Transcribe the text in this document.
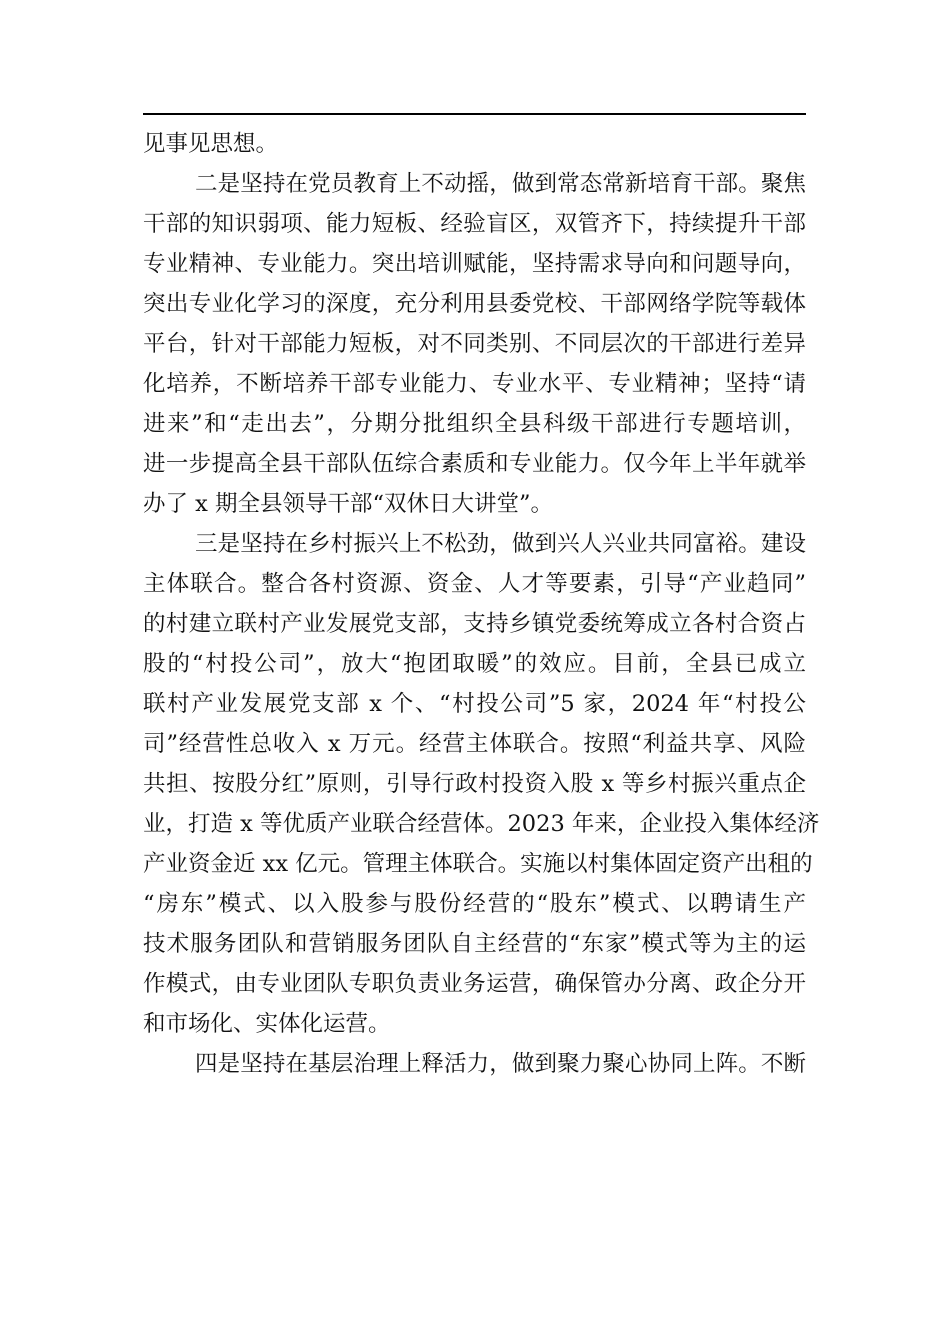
见事见思想。
二是坚持在党员教育上不动摇，做到常态常新培育干部。聚焦
干部的知识弱项、能力短板、经验盲区，双管齐下，持续提升干部
专业精神、专业能力。突出培训赋能，坚持需求导向和问题导向，
突出专业化学习的深度，充分利用县委党校、干部网络学院等载体
平台，针对干部能力短板，对不同类别、不同层次的干部进行差异
化培养，不断培养干部专业能力、专业水平、专业精神；坚持“请
进来”和“走出去”，分期分批组织全县科级干部进行专题培训，
进一步提高全县干部队伍综合素质和专业能力。仅今年上半年就举
办了 x 期全县领导干部“双休日大讲堂”。
三是坚持在乡村振兴上不松劲，做到兴人兴业共同富裕。建设
主体联合。整合各村资源、资金、人才等要素，引导“产业趋同”
的村建立联村产业发展党支部，支持乡镇党委统筹成立各村合资占
股的“村投公司”，放大“抱团取暖”的效应。目前，全县已成立
联村产业发展党支部 x 个、“村投公司”5 家，2024 年“村投公
司”经营性总收入 x 万元。经营主体联合。按照“利益共享、风险
共担、按股分红”原则，引导行政村投资入股 x 等乡村振兴重点企
业，打造 x 等优质产业联合经营体。2023 年来，企业投入集体经济
产业资金近 xx 亿元。管理主体联合。实施以村集体固定资产出租的
“房东”模式、以入股参与股份经营的“股东”模式、以聘请生产
技术服务团队和营销服务团队自主经营的“东家”模式等为主的运
作模式，由专业团队专职负责业务运营，确保管办分离、政企分开
和市场化、实体化运营。
四是坚持在基层治理上释活力，做到聚力聚心协同上阵。不断
